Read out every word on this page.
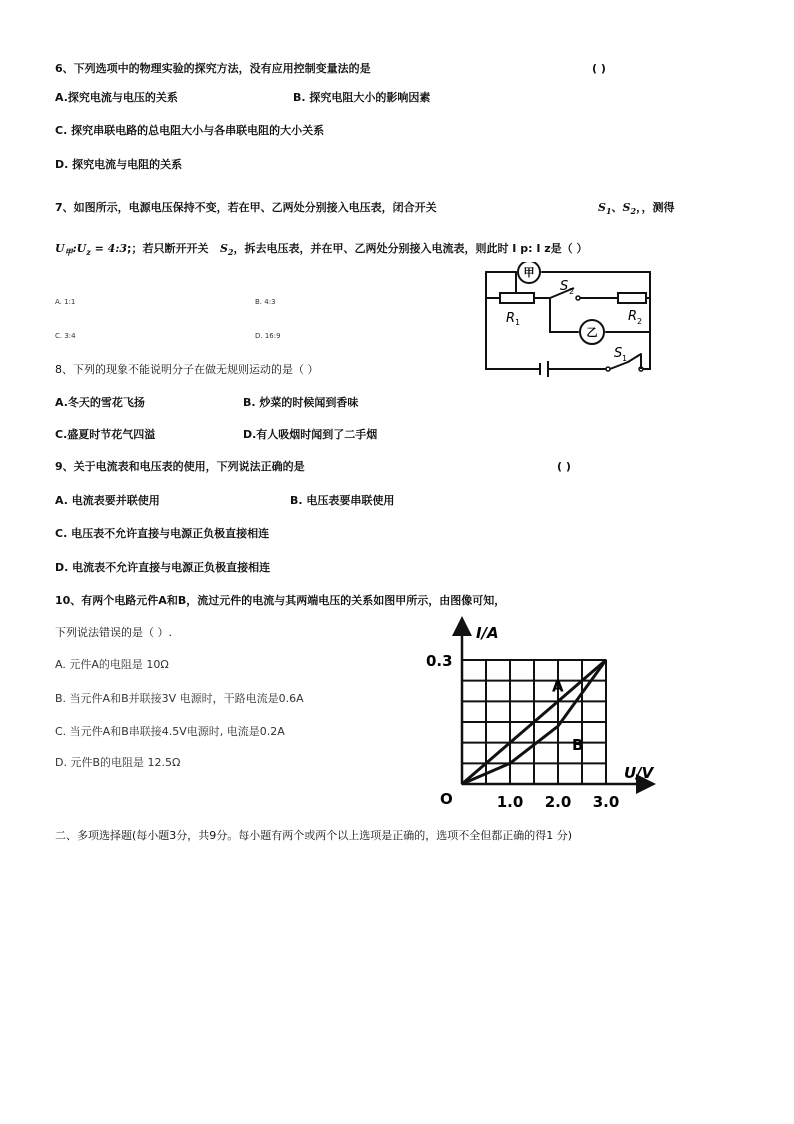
6、下列选项中的物理实验的探究方法，没有应用控制变量法的是	( )
A.探究电流与电压的关系	B. 探究电阻大小的影响因素
C. 探究串联电路的总电阻大小与各串联电阻的大小关系
D. 探究电流与电阻的关系
7、如图所示，电源电压保持不变，若在甲、乙两处分别接入电压表，闭合开关	$S_1$、$S_2$，，测得
$U_甲:U_z$ = 4:3;；若只断开开关 $S_2$，拆去电压表，并在甲、乙两处分别接入电流表，则此时 I p: I z是（ ）
A. 1:1	B. 4:3
C. 3:4	D. 16:9
甲
乙
R 1	R 2
S 2
S 1
8、下列的现象不能说明分子在做无规则运动的是（ ）
A.冬天的雪花飞扬	B. 炒菜的时候闻到香味
C.盛夏时节花气四溢	D.有人吸烟时闻到了二手烟
9、关于电流表和电压表的使用，下列说法正确的是	( )
A. 电流表要并联使用	B. 电压表要串联使用
C. 电压表不允许直接与电源正负极直接相连
D. 电流表不允许直接与电源正负极直接相连
10、有两个电路元件A和B，流过元件的电流与其两端电压的关系如图甲所示，由图像可知，
下列说法错误的是（ ）.
A. 元件A的电阻是 10Ω
B. 当元件A和B并联接3V 电源时，干路电流是0.6A
C. 当元件A和B串联接4.5V电源时, 电流是0.2A
D. 元件B的电阻是 12.5Ω
A
B
1.0 2.0 3.0
0.3
O
I/A
U/V
二、多项选择题(每小题3分，共9分。每小题有两个或两个以上选项是正确的，选项不全但都正确的得1 分)
